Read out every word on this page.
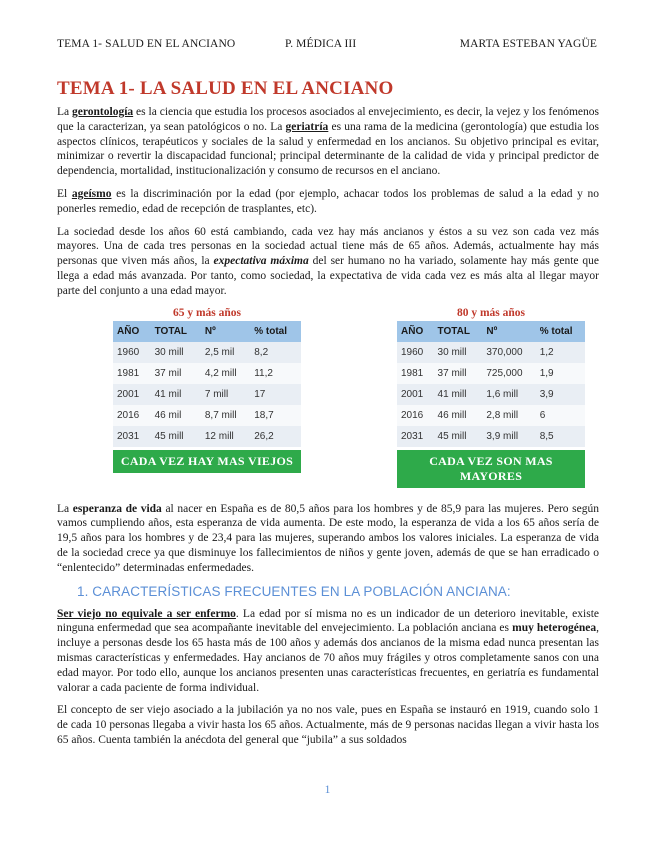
TEMA 1- SALUD EN EL ANCIANO	P. MÉDICA III	MARTA ESTEBAN YAGÜE
TEMA 1- LA SALUD EN EL ANCIANO

La gerontología es la ciencia que estudia los procesos asociados al envejecimiento, es decir, la vejez y los fenómenos que la caracterizan, ya sean patológicos o no. La geriatría es una rama de la medicina (gerontología) que estudia los aspectos clínicos, terapéuticos y sociales de la salud y enfermedad en los ancianos. Su objetivo principal es evitar, minimizar o revertir la discapacidad funcional; principal determinante de la calidad de vida y principal predictor de dependencia, mortalidad, institucionalización y consumo de recursos en el anciano.

El ageísmo es la discriminación por la edad (por ejemplo, achacar todos los problemas de salud a la edad y no ponerles remedio, edad de recepción de trasplantes, etc).

La sociedad desde los años 60 está cambiando, cada vez hay más ancianos y éstos a su vez son cada vez más mayores. Una de cada tres personas en la sociedad actual tiene más de 65 años. Además, actualmente hay más personas que viven más años, la expectativa máxima del ser humano no ha variado, solamente hay más gente que llega a edad más avanzada. Por tanto, como sociedad, la expectativa de vida cada vez es más alta al llegar mayor parte del conjunto a una edad mayor.

65 y más años
AÑO	TOTAL	Nº	% total
1960	30 mill	2,5 mil	8,2
1981	37 mil	4,2 mill	11,2
2001	41 mil	7 mill	17
2016	46 mil	8,7 mill	18,7
2031	45 mill	12 mill	26,2
CADA VEZ HAY MAS VIEJOS
80 y más años
AÑO	TOTAL	Nº	% total
1960	30 mill	370,000	1,2
1981	37 mill	725,000	1,9
2001	41 mill	1,6 mill	3,9
2016	46 mill	2,8 mill	6
2031	45 mill	3,9 mill	8,5
CADA VEZ SON MAS MAYORES

La esperanza de vida al nacer en España es de 80,5 años para los hombres y de 85,9 para las mujeres. Pero según vamos cumpliendo años, esta esperanza de vida aumenta. De este modo, la esperanza de vida a los 65 años sería de 19,5 años para los hombres y de 23,4 para las mujeres, superando ambos los valores iniciales. La esperanza de vida de la sociedad crece ya que disminuye los fallecimientos de niños y gente joven, además de que se han erradicado o “enlentecido” determinadas enfermedades.

1. CARACTERÍSTICAS FRECUENTES EN LA POBLACIÓN ANCIANA:

Ser viejo no equivale a ser enfermo. La edad por sí misma no es un indicador de un deterioro inevitable, existe ninguna enfermedad que sea acompañante inevitable del envejecimiento. La población anciana es muy heterogénea, incluye a personas desde los 65 hasta más de 100 años y además dos ancianos de la misma edad nunca presentan las mismas características y enfermedades. Hay ancianos de 70 años muy frágiles y otros completamente sanos con una edad mayor. Por todo ello, aunque los ancianos presenten unas características frecuentes, en geriatría es fundamental valorar a cada paciente de forma individual.

El concepto de ser viejo asociado a la jubilación ya no nos vale, pues en España se instauró en 1919, cuando solo 1 de cada 10 personas llegaba a vivir hasta los 65 años. Actualmente, más de 9 personas nacidas llegan a vivir hasta los 65 años. Cuenta también la anécdota del general que “jubila” a sus soldados

1
